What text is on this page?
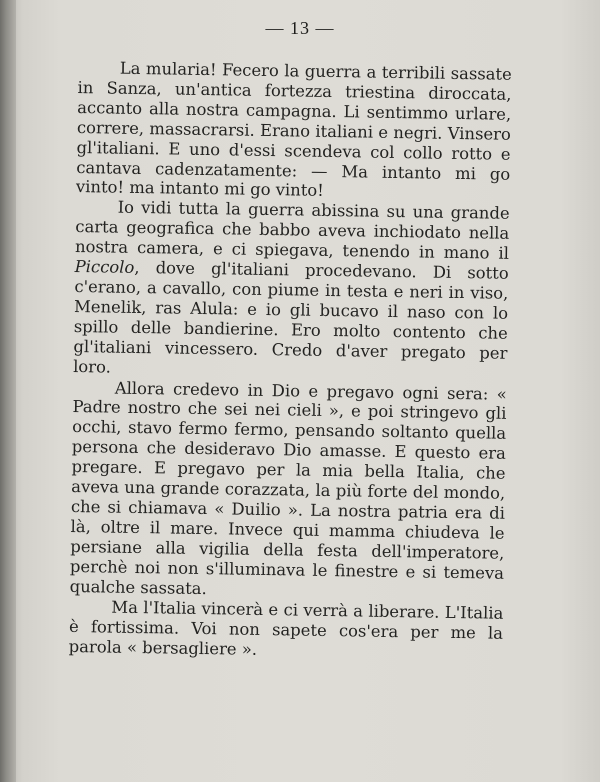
— 13 —

La mularia! Fecero la guerra a terribili sassate in Sanza, un'antica fortezza triestina diroccata, accanto alla nostra campagna. Li sentimmo urlare, correre, massacrarsi. Erano italiani e negri. Vinsero gl'italiani. E uno d'essi scendeva col collo rotto e cantava cadenzatamente: — Ma intanto mi go vinto! ma intanto mi go vinto!

Io vidi tutta la guerra abissina su una grande carta geografica che babbo aveva inchiodato nella nostra camera, e ci spiegava, tenendo in mano il Piccolo, dove gl'italiani procedevano. Di sotto c'erano, a cavallo, con piume in testa e neri in viso, Menelik, ras Alula: e io gli bucavo il naso con lo spillo delle bandierine. Ero molto contento che gl'italiani vincessero. Credo d'aver pregato per loro.

Allora credevo in Dio e pregavo ogni sera: « Padre nostro che sei nei cieli », e poi stringevo gli occhi, stavo fermo fermo, pensando soltanto quella persona che desideravo Dio amasse. E questo era pregare. E pregavo per la mia bella Italia, che aveva una grande corazzata, la più forte del mondo, che si chiamava « Duilio ». La nostra patria era di là, oltre il mare. Invece qui mamma chiudeva le persiane alla vigilia della festa dell'imperatore, perchè noi non s'illuminava le finestre e si temeva qualche sassata.

Ma l'Italia vincerà e ci verrà a liberare. L'Italia è fortissima. Voi non sapete cos'era per me la parola « bersagliere ».
